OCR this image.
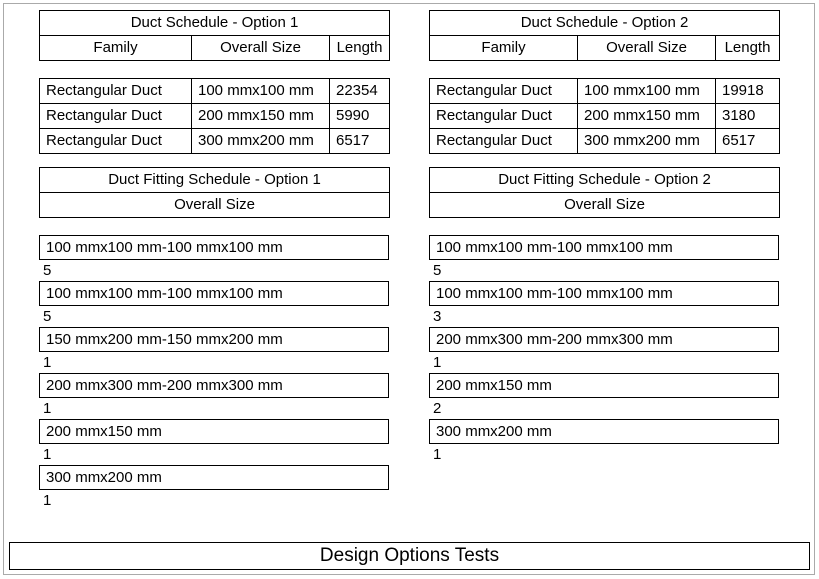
Duct Schedule - Option 1
Family	Overall Size	Length
Rectangular Duct	100 mmx100 mm	22354
Rectangular Duct	200 mmx150 mm	5990
Rectangular Duct	300 mmx200 mm	6517
Duct Fitting Schedule - Option 1
Overall Size
100 mmx100 mm-100 mmx100 mm
5
100 mmx100 mm-100 mmx100 mm
5
150 mmx200 mm-150 mmx200 mm
1
200 mmx300 mm-200 mmx300 mm
1
200 mmx150 mm
1
300 mmx200 mm
1
Duct Schedule - Option 2
Family	Overall Size	Length
Rectangular Duct	100 mmx100 mm	19918
Rectangular Duct	200 mmx150 mm	3180
Rectangular Duct	300 mmx200 mm	6517
Duct Fitting Schedule - Option 2
Overall Size
100 mmx100 mm-100 mmx100 mm
5
100 mmx100 mm-100 mmx100 mm
3
200 mmx300 mm-200 mmx300 mm
1
200 mmx150 mm
2
300 mmx200 mm
1
Design Options Tests
